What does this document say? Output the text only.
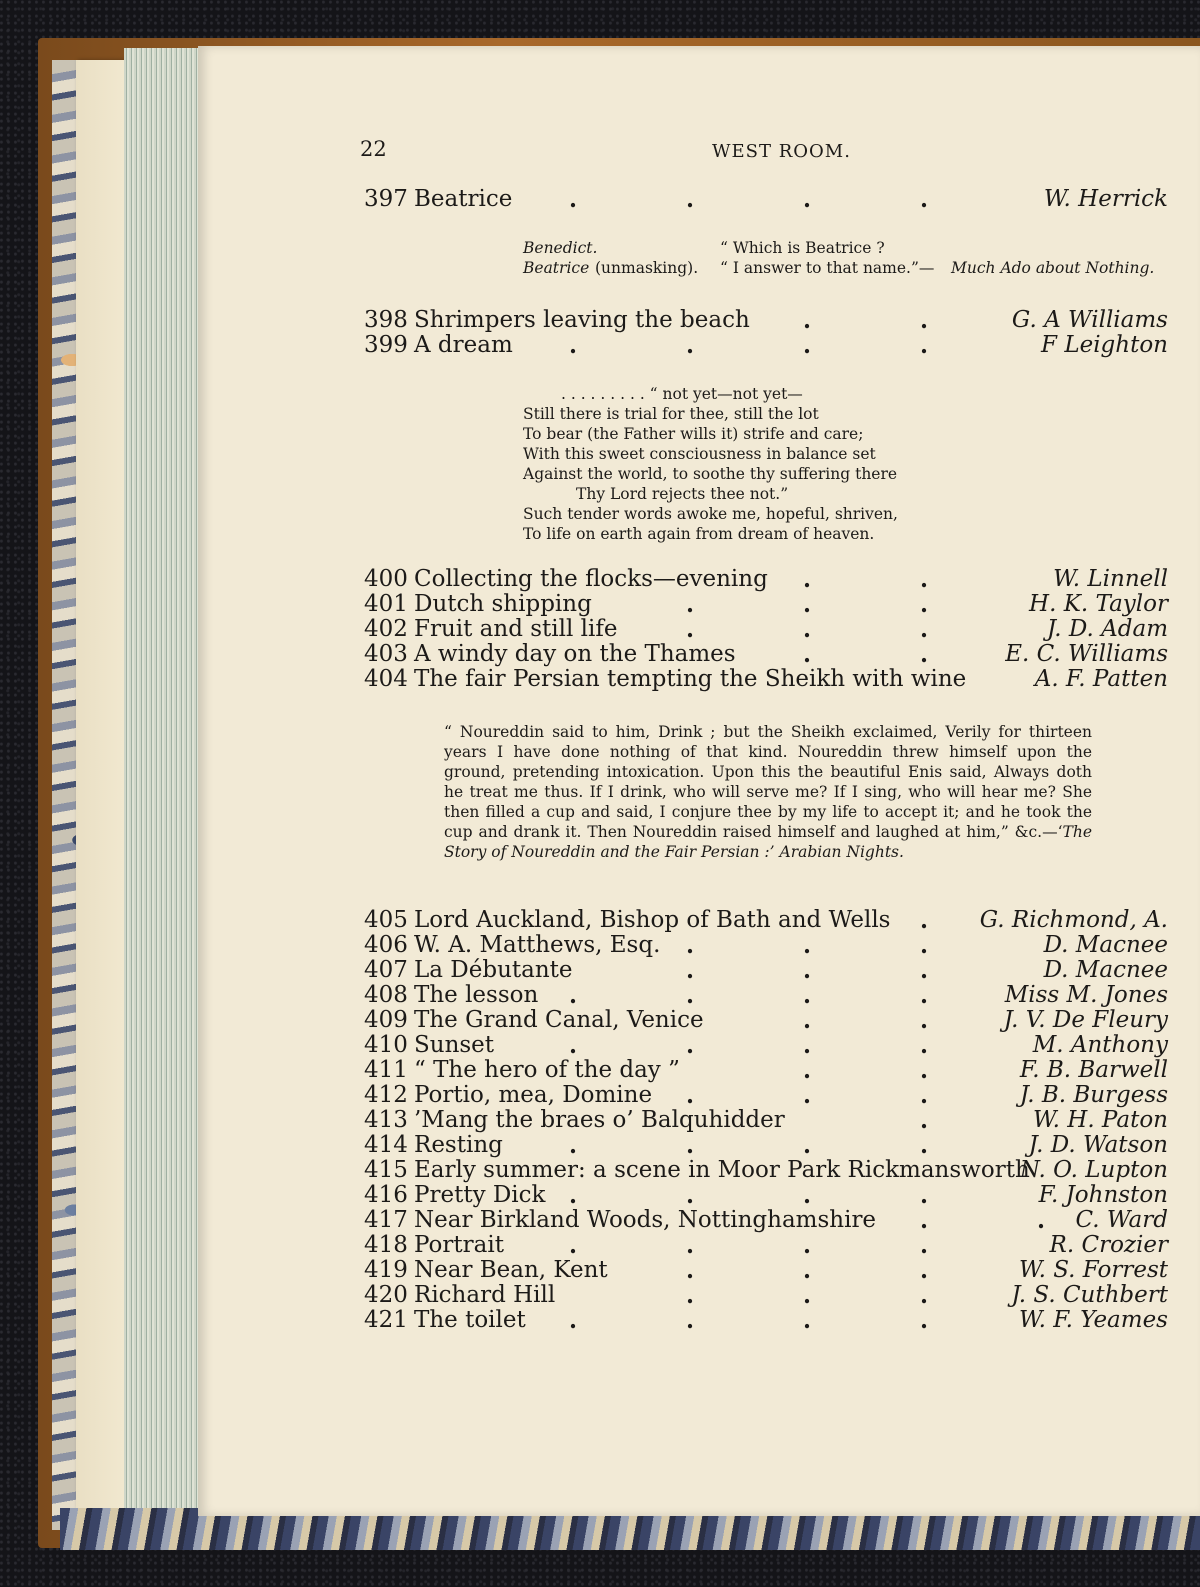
22	WEST ROOM.
397 Beatrice	W. Herrick
.	.	.	.
Benedict.	“ Which is Beatrice ?
Beatrice (unmasking). “ I answer to that name.”— Much Ado about Nothing.
398 Shrimpers leaving the beach	G. A Williams
.	.
399 A dream	F Leighton
.	.	.	.
. . . . . . . . . “ not yet—not yet—
Still there is trial for thee, still the lot
To bear (the Father wills it) strife and care;
With this sweet consciousness in balance set
Against the world, to soothe thy suffering there
Thy Lord rejects thee not.”
Such tender words awoke me, hopeful, shriven,
To life on earth again from dream of heaven.
400 Collecting the flocks—evening	W. Linnell
.	.
401 Dutch shipping	H. K. Taylor
.	.	.
402 Fruit and still life	J. D. Adam
.	.	.
403 A windy day on the Thames	E. C. Williams
.	.
404 The fair Persian tempting the Sheikh with wine	A. F. Patten
“ Noureddin said to him, Drink ; but the Sheikh exclaimed, Verily for thirteen years I have done nothing of that kind. Noureddin threw himself upon the ground, pretending intoxication. Upon this the beautiful Enis said, Always doth he treat me thus. If I drink, who will serve me? If I sing, who will hear me? She then filled a cup and said, I conjure thee by my life to accept it; and he took the cup and drank it. Then Noureddin raised himself and laughed at him,” &c.—‘The Story of Noureddin and the Fair Persian :’ Arabian Nights.
405 Lord Auckland, Bishop of Bath and Wells	G. Richmond, A.
.
406 W. A. Matthews, Esq.	D. Macnee
.	.	.
407 La Débutante	D. Macnee
.	.	.
408 The lesson	Miss M. Jones
.	.	.	.
409 The Grand Canal, Venice	J. V. De Fleury
.	.
410 Sunset	M. Anthony
.	.	.	.
411 “ The hero of the day ”	F. B. Barwell
.	.
412 Portio, mea, Domine	J. B. Burgess
.	.	.
413 ’Mang the braes o’ Balquhidder	W. H. Paton
.
414 Resting	J. D. Watson
.	.	.	.
415 Early summer: a scene in Moor Park Rickmansworth
N. O. Lupton
416 Pretty Dick	F. Johnston
.	.	.	.
417 Near Birkland Woods, Nottinghamshire	C. Ward
.	.
418 Portrait	R. Crozier
.	.	.	.
419 Near Bean, Kent	W. S. Forrest
.	.	.
420 Richard Hill	J. S. Cuthbert
.	.	.
421 The toilet	W. F. Yeames
.	.	.	.
